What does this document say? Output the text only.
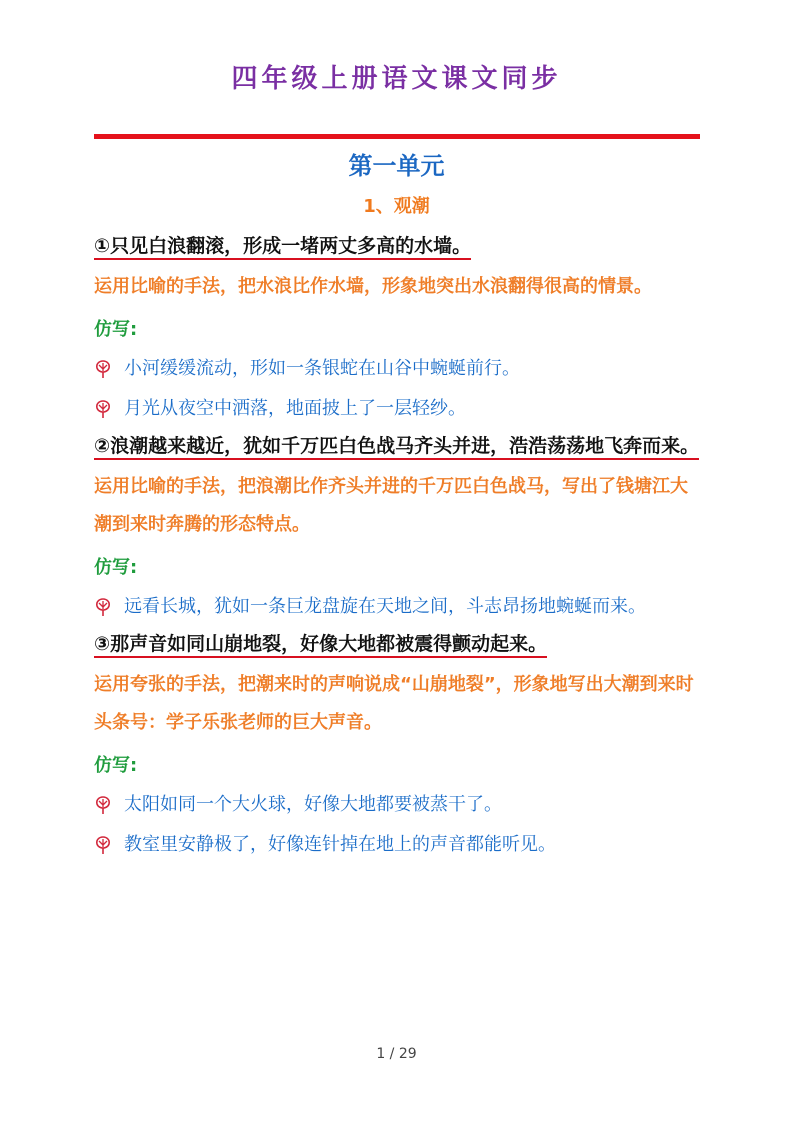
四年级上册语文课文同步
第一单元
1、观潮

①只见白浪翻滚，形成一堵两丈多高的水墙。

运用比喻的手法，把水浪比作水墙，形象地突出水浪翻得很高的情景。

仿写:

小河缓缓流动，形如一条银蛇在山谷中蜿蜒前行。

月光从夜空中洒落，地面披上了一层轻纱。

②浪潮越来越近，犹如千万匹白色战马齐头并进，浩浩荡荡地飞奔而来。

运用比喻的手法，把浪潮比作齐头并进的千万匹白色战马，写出了钱塘江大潮到来时奔腾的形态特点。

仿写:

远看长城，犹如一条巨龙盘旋在天地之间，斗志昂扬地蜿蜒而来。

③那声音如同山崩地裂，好像大地都被震得颤动起来。

运用夸张的手法，把潮来时的声响说成“山崩地裂”，形象地写出大潮到来时头条号：学子乐张老师的巨大声音。

仿写:

太阳如同一个大火球，好像大地都要被蒸干了。

教室里安静极了，好像连针掉在地上的声音都能听见。

1 / 29
